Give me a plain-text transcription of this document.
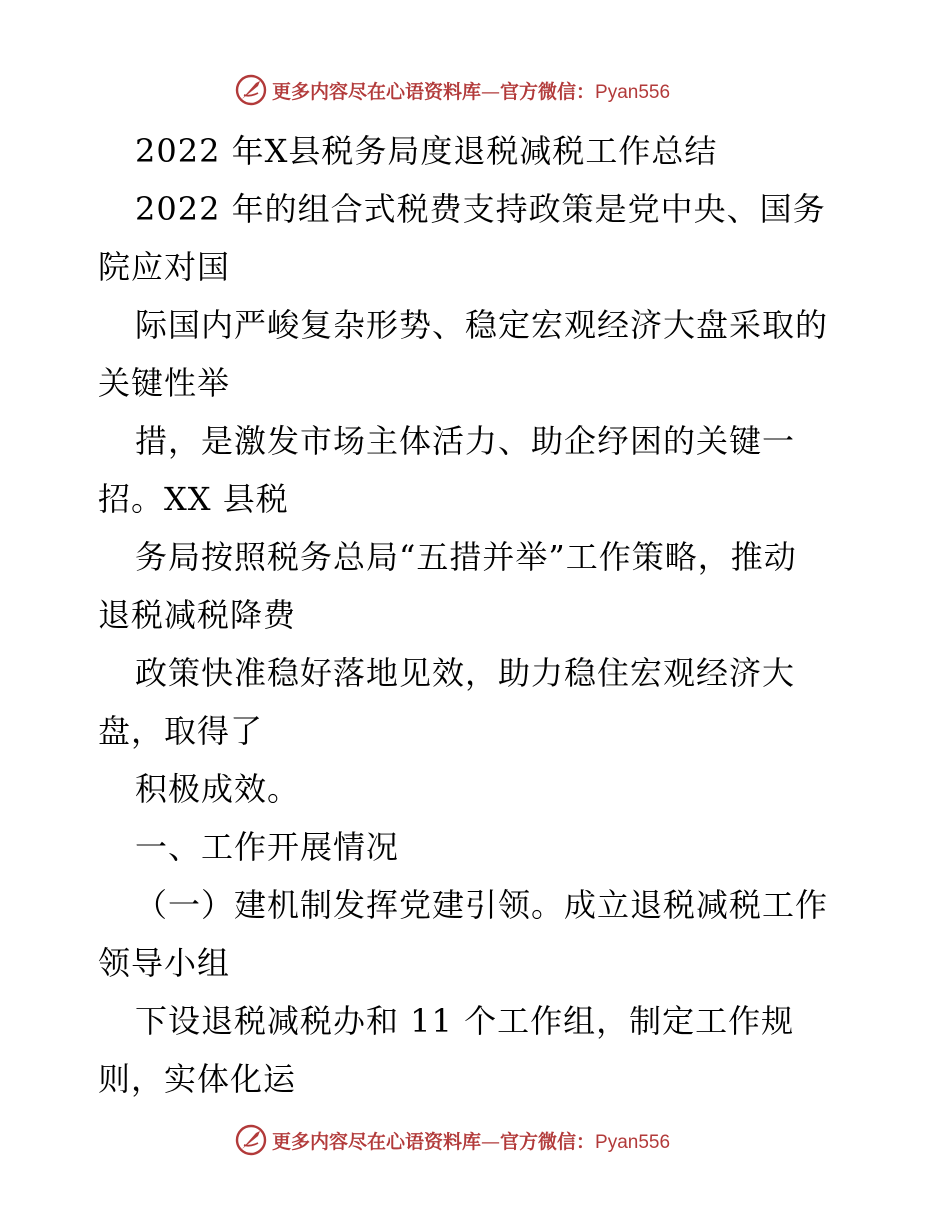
更多内容尽在心语资料库—官方微信：Pyan556
2022 年X县税务局度退税减税工作总结
2022 年的组合式税费支持政策是党中央、国务
院应对国
际国内严峻复杂形势、稳定宏观经济大盘采取的
关键性举
措，是激发市场主体活力、助企纾困的关键一
招。XX 县税
务局按照税务总局“五措并举”工作策略，推动
退税减税降费
政策快准稳好落地见效，助力稳住宏观经济大
盘，取得了
积极成效。
一、工作开展情况
（一）建机制发挥党建引领。成立退税减税工作
领导小组
下设退税减税办和 11 个工作组，制定工作规
则，实体化运
更多内容尽在心语资料库—官方微信：Pyan556
